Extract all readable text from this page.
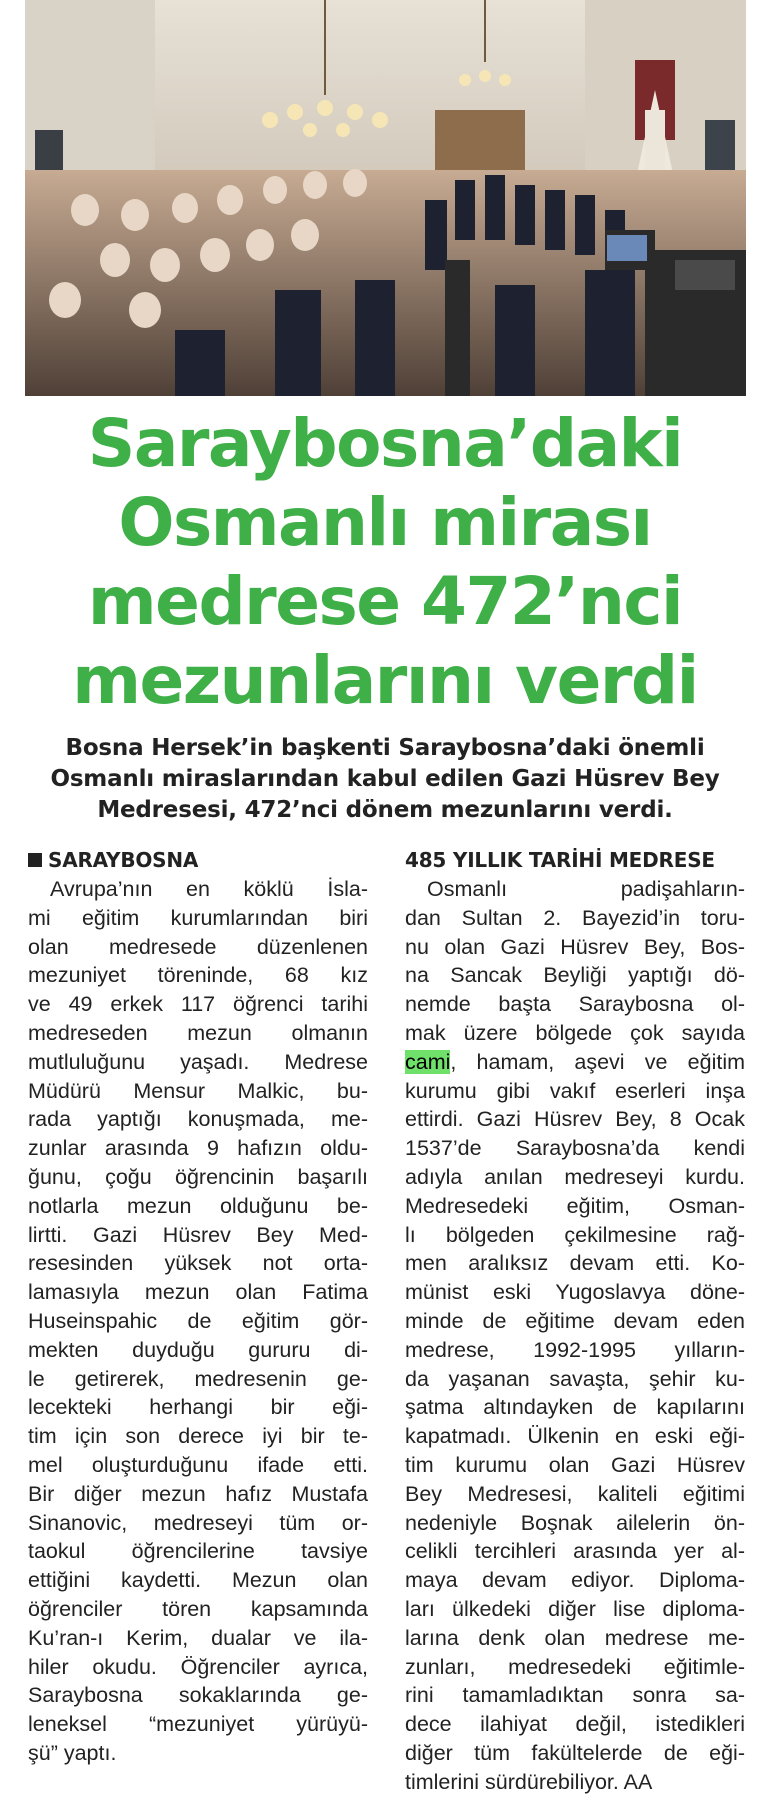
Saraybosna’daki
Osmanlı mirası
medrese 472’nci
mezunlarını verdi

Bosna Hersek’in başkenti Saraybosna’daki önemli
Osmanlı miraslarından kabul edilen Gazi Hüsrev Bey
Medresesi, 472’nci dönem mezunlarını verdi.

SARAYBOSNA

Avrupa’nın en köklü İsla-
mi eğitim kurumlarından biri
olan medresede düzenlenen
mezuniyet töreninde, 68 kız
ve 49 erkek 117 öğrenci tarihi
medreseden mezun olmanın
mutluluğunu yaşadı. Medrese
Müdürü Mensur Malkic, bu-
rada yaptığı konuşmada, me-
zunlar arasında 9 hafızın oldu-
ğunu, çoğu öğrencinin başarılı
notlarla mezun olduğunu be-
lirtti. Gazi Hüsrev Bey Med-
resesinden yüksek not orta-
lamasıyla mezun olan Fatima
Huseinspahic de eğitim gör-
mekten duyduğu gururu di-
le getirerek, medresenin ge-
lecekteki herhangi bir eği-
tim için son derece iyi bir te-
mel oluşturduğunu ifade etti.
Bir diğer mezun hafız Mustafa
Sinanovic, medreseyi tüm or-
taokul öğrencilerine tavsiye
ettiğini kaydetti. Mezun olan
öğrenciler tören kapsamında
Ku’ran-ı Kerim, dualar ve ila-
hiler okudu. Öğrenciler ayrıca,
Saraybosna sokaklarında ge-
leneksel “mezuniyet yürüyü-
şü” yaptı.

485 YILLIK TARİHİ MEDRESE

Osmanlı padişahların-
dan Sultan 2. Bayezid’in toru-
nu olan Gazi Hüsrev Bey, Bos-
na Sancak Beyliği yaptığı dö-
nemde başta Saraybosna ol-
mak üzere bölgede çok sayıda
cami, hamam, aşevi ve eğitim
kurumu gibi vakıf eserleri inşa
ettirdi. Gazi Hüsrev Bey, 8 Ocak
1537’de Saraybosna’da kendi
adıyla anılan medreseyi kurdu.
Medresedeki eğitim, Osman-
lı bölgeden çekilmesine rağ-
men aralıksız devam etti. Ko-
münist eski Yugoslavya döne-
minde de eğitime devam eden
medrese, 1992-1995 yılların-
da yaşanan savaşta, şehir ku-
şatma altındayken de kapılarını
kapatmadı. Ülkenin en eski eği-
tim kurumu olan Gazi Hüsrev
Bey Medresesi, kaliteli eğitimi
nedeniyle Boşnak ailelerin ön-
celikli tercihleri arasında yer al-
maya devam ediyor. Diploma-
ları ülkedeki diğer lise diploma-
larına denk olan medrese me-
zunları, medresedeki eğitimle-
rini tamamladıktan sonra sa-
dece ilahiyat değil, istedikleri
diğer tüm fakültelerde de eği-
timlerini sürdürebiliyor. AA
